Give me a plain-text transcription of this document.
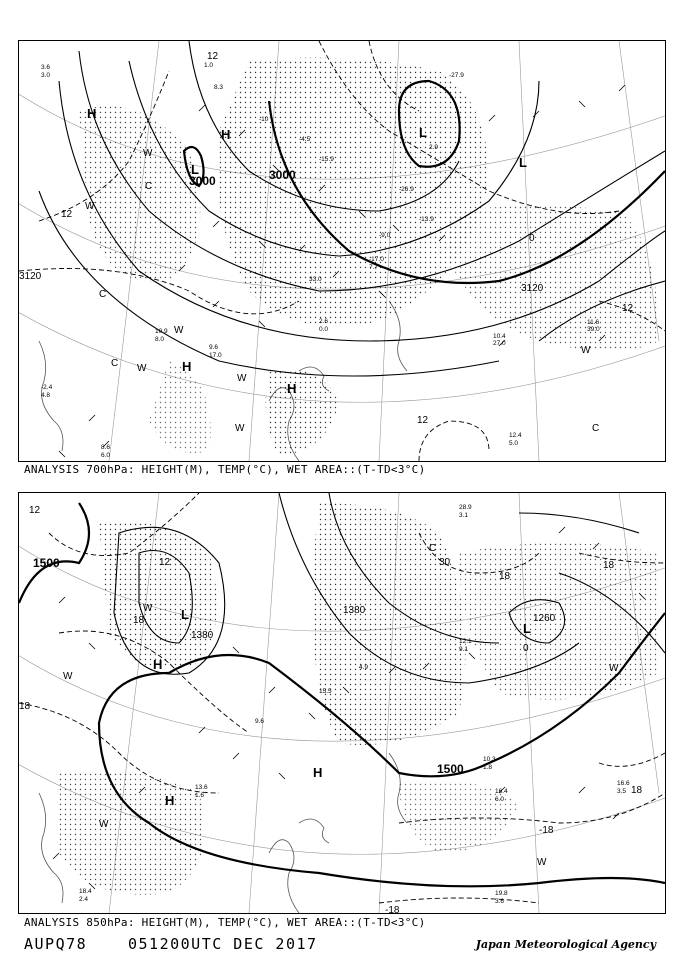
3000	3000
3120
3120
12
12
12
12
0
H
H
H
H
L
L
L
C
C
C
C
W
W
W
W
W
W
W
3.6
3.0
1.0
8.3
-10
-4.5
-27.9
2.9
-15.9
11.6
39.0
10.4
27.0
12.4
5.0
8.6
6.0
9.6
17.0
10.9
8.0
2.6
0.0
-17.0
7.7
-13.9
-26.9
-9.0
33.0
-2.4
4.8
ANALYSIS 700hPa: HEIGHT(M), TEMP(°C), WET AREA::(T-TD<3°C)
1500
1500
1380
1380
1260
12
12
18
18
18
18
30
0
-18
-18
18
H
H
H
L
L
C
W
W
W
W
W
16.6
3.5
16.4
6.0
19.8
3.6
13.6
1.6
10.3
1.8
12.1
9.1
4.9
28.9
3.1
18.4
2.4
9.6
15.5
ANALYSIS 850hPa: HEIGHT(M), TEMP(°C), WET AREA::(T-TD<3°C)
AUPQ78	051200UTC DEC 2017	Japan Meteorological Agency
